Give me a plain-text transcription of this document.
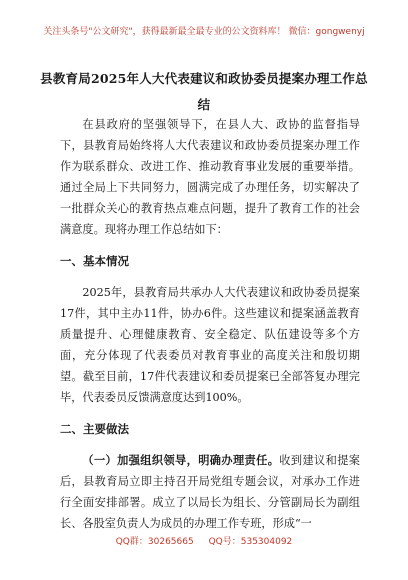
关注头条号"公文研究"，获得最新最全最专业的公文资料库！ 微信：gongwenyj
县教育局2025年人大代表建议和政协委员提案办理工作总结

在县政府的坚强领导下，在县人大、政协的监督指导下，县教育局始终将人大代表建议和政协委员提案办理工作作为联系群众、改进工作、推动教育事业发展的重要举措。通过全局上下共同努力，圆满完成了办理任务，切实解决了一批群众关心的教育热点难点问题，提升了教育工作的社会满意度。现将办理工作总结如下：

一、基本情况

2025年，县教育局共承办人大代表建议和政协委员提案17件，其中主办11件，协办6件。这些建议和提案涵盖教育质量提升、心理健康教育、安全稳定、队伍建设等多个方面，充分体现了代表委员对教育事业的高度关注和殷切期望。截至目前，17件代表建议和委员提案已全部答复办理完毕，代表委员反馈满意度达到100%。

二、主要做法

（一）加强组织领导，明确办理责任。收到建议和提案后，县教育局立即主持召开局党组专题会议，对承办工作进行全面安排部署。成立了以局长为组长、分管副局长为副组长、各股室负责人为成员的办理工作专班，形成“一

QQ群：30265665 QQ号：535304092
